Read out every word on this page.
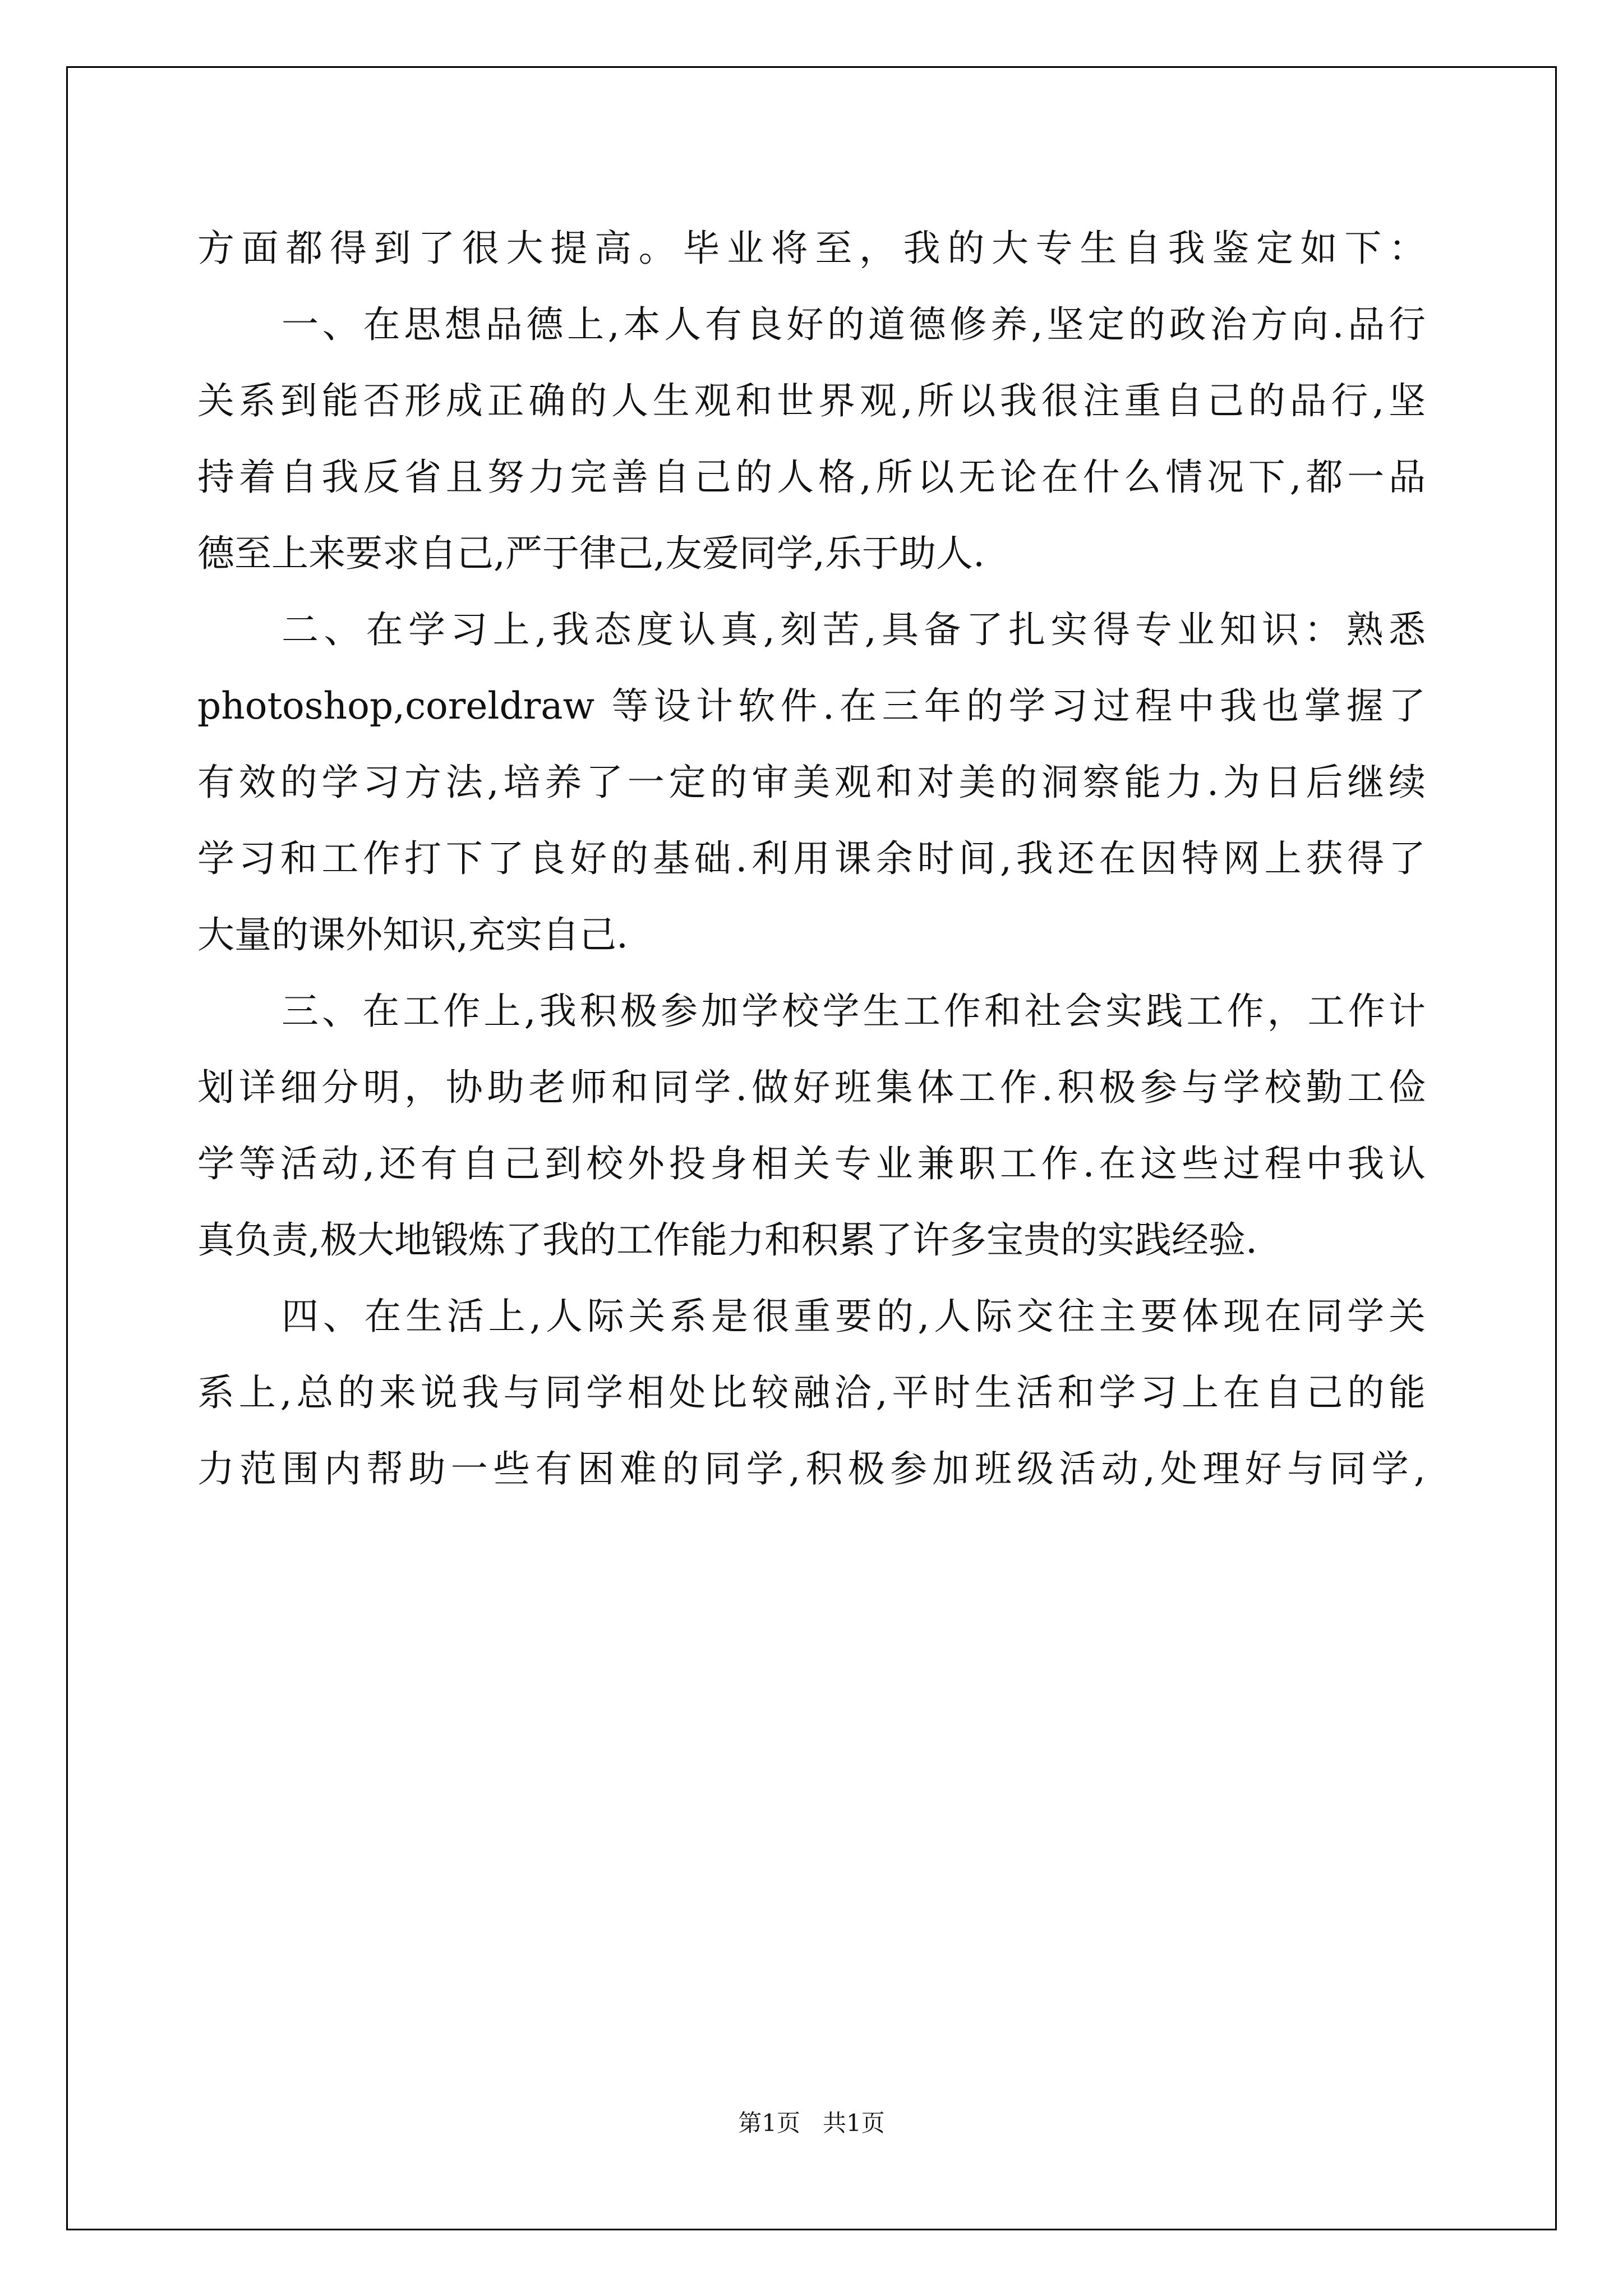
方面都得到了很大提高。毕业将至，我的大专生自我鉴定如下：
一、在思想品德上,本人有良好的道德修养,坚定的政治方向.品行
关系到能否形成正确的人生观和世界观,所以我很注重自己的品行,坚
持着自我反省且努力完善自己的人格,所以无论在什么情况下,都一品
德至上来要求自己,严于律己,友爱同学,乐于助人.
二、在学习上,我态度认真,刻苦,具备了扎实得专业知识：熟悉
photoshop,coreldraw 等设计软件.在三年的学习过程中我也掌握了
有效的学习方法,培养了一定的审美观和对美的洞察能力.为日后继续
学习和工作打下了良好的基础.利用课余时间,我还在因特网上获得了
大量的课外知识,充实自己.
三、在工作上,我积极参加学校学生工作和社会实践工作，工作计
划详细分明，协助老师和同学.做好班集体工作.积极参与学校勤工俭
学等活动,还有自己到校外投身相关专业兼职工作.在这些过程中我认
真负责,极大地锻炼了我的工作能力和积累了许多宝贵的实践经验.
四、在生活上,人际关系是很重要的,人际交往主要体现在同学关
系上,总的来说我与同学相处比较融洽,平时生活和学习上在自己的能
力范围内帮助一些有困难的同学,积极参加班级活动,处理好与同学,
第1页 共1页
